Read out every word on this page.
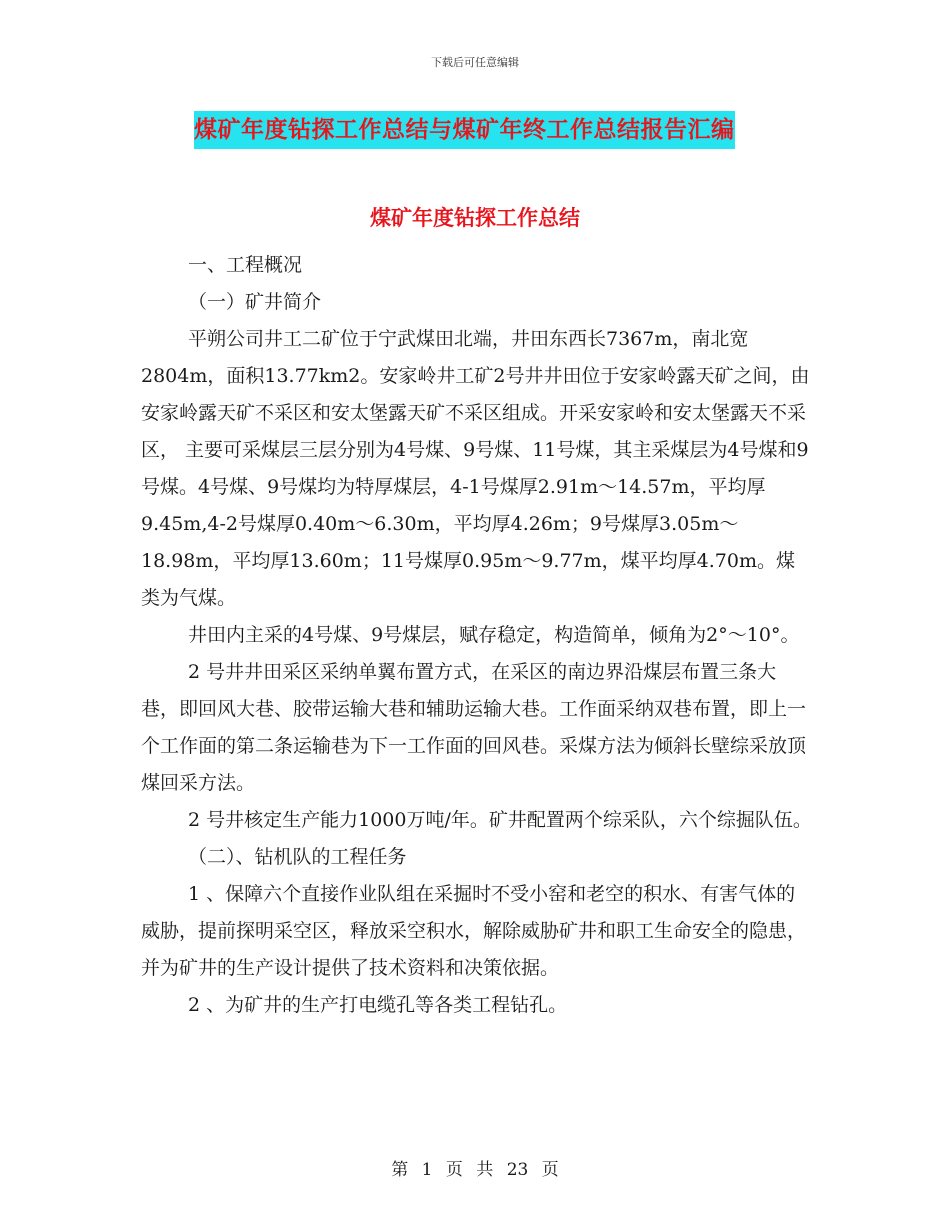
下载后可任意编辑
煤矿年度钻探工作总结与煤矿年终工作总结报告汇编
煤矿年度钻探工作总结

一、工程概况

（一）矿井简介

平朔公司井工二矿位于宁武煤田北端，井田东西长7367m，南北宽2804m，面积13.77km2。安家岭井工矿2号井井田位于安家岭露天矿之间，由安家岭露天矿不采区和安太堡露天矿不采区组成。开采安家岭和安太堡露天不采区， 主要可采煤层三层分别为4号煤、9号煤、11号煤，其主采煤层为4号煤和9号煤。4号煤、9号煤均为特厚煤层，4-1号煤厚2.91m～14.57m，平均厚9.45m,4-2号煤厚0.40m～6.30m，平均厚4.26m；9号煤厚3.05m～18.98m，平均厚13.60m；11号煤厚0.95m～9.77m，煤平均厚4.70m。煤类为气煤。

井田内主采的4号煤、9号煤层，赋存稳定，构造简单，倾角为2°～10°。

2 号井井田采区采纳单翼布置方式，在采区的南边界沿煤层布置三条大巷，即回风大巷、胶带运输大巷和辅助运输大巷。工作面采纳双巷布置，即上一个工作面的第二条运输巷为下一工作面的回风巷。采煤方法为倾斜长壁综采放顶煤回采方法。

2 号井核定生产能力1000万吨/年。矿井配置两个综采队，六个综掘队伍。

（二）、钻机队的工程任务

1 、保障六个直接作业队组在采掘时不受小窑和老空的积水、有害气体的威胁，提前探明采空区，释放采空积水，解除威胁矿井和职工生命安全的隐患，并为矿井的生产设计提供了技术资料和决策依据。

2 、为矿井的生产打电缆孔等各类工程钻孔。

第 1 页 共 23 页
